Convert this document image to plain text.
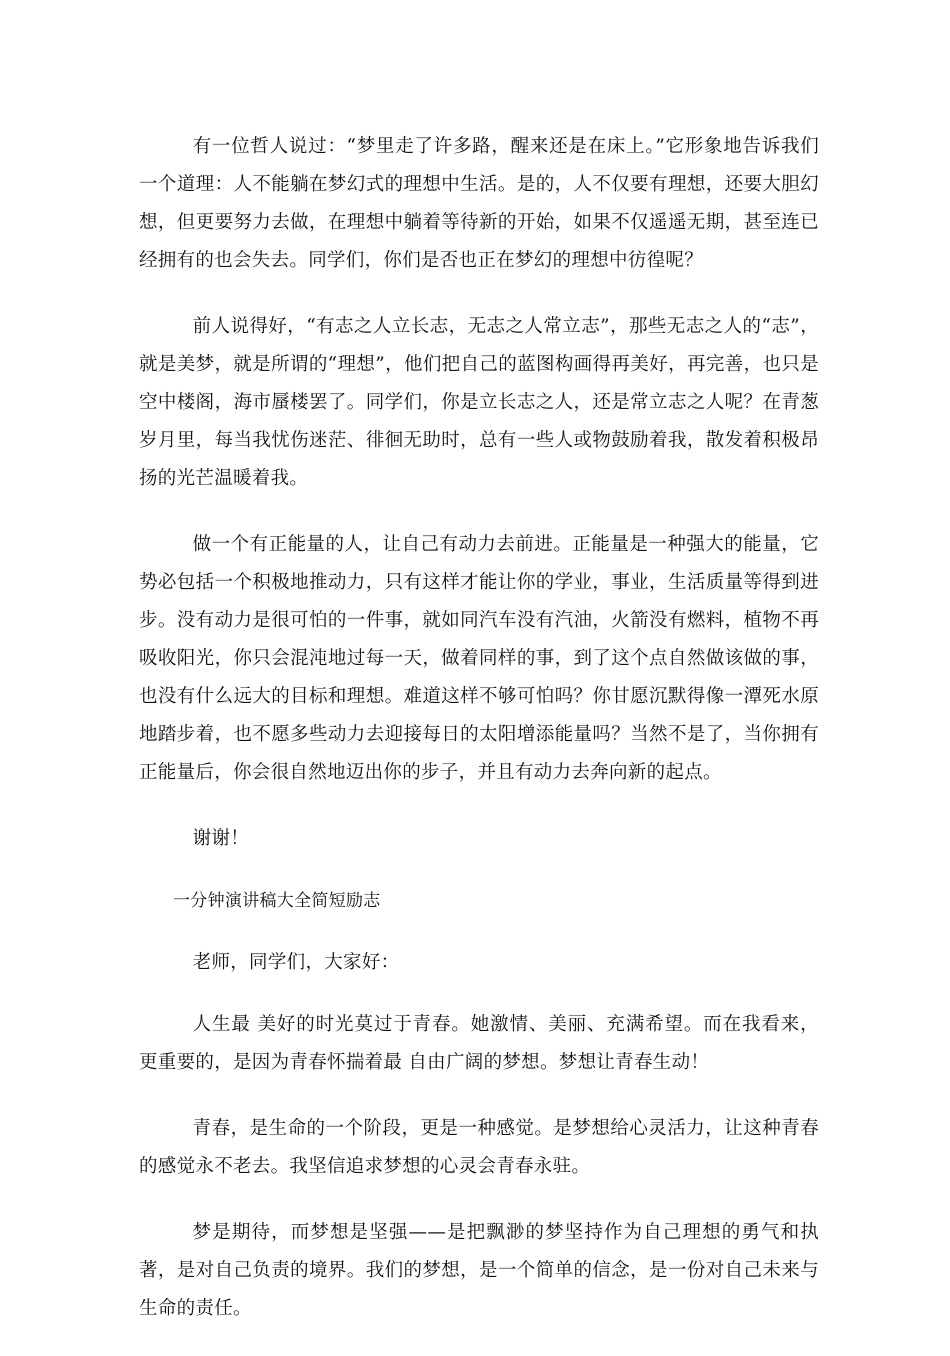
有一位哲人说过：“梦里走了许多路，醒来还是在床上。”它形象地告诉我们一个道理：人不能躺在梦幻式的理想中生活。是的，人不仅要有理想，还要大胆幻想，但更要努力去做，在理想中躺着等待新的开始，如果不仅遥遥无期，甚至连已经拥有的也会失去。同学们，你们是否也正在梦幻的理想中彷徨呢？

前人说得好，“有志之人立长志，无志之人常立志”，那些无志之人的“志”，就是美梦，就是所谓的“理想”，他们把自己的蓝图构画得再美好，再完善，也只是空中楼阁，海市蜃楼罢了。同学们，你是立长志之人，还是常立志之人呢？在青葱岁月里，每当我忧伤迷茫、徘徊无助时，总有一些人或物鼓励着我，散发着积极昂扬的光芒温暖着我。

做一个有正能量的人，让自己有动力去前进。正能量是一种强大的能量，它势必包括一个积极地推动力，只有这样才能让你的学业，事业，生活质量等得到进步。没有动力是很可怕的一件事，就如同汽车没有汽油，火箭没有燃料，植物不再吸收阳光，你只会混沌地过每一天，做着同样的事，到了这个点自然做该做的事，也没有什么远大的目标和理想。难道这样不够可怕吗？你甘愿沉默得像一潭死水原地踏步着，也不愿多些动力去迎接每日的太阳增添能量吗？当然不是了，当你拥有正能量后，你会很自然地迈出你的步子，并且有动力去奔向新的起点。

谢谢！

一分钟演讲稿大全简短励志

老师，同学们，大家好：

人生最 美好的时光莫过于青春。她激情、美丽、充满希望。而在我看来，更重要的，是因为青春怀揣着最 自由广阔的梦想。梦想让青春生动！

青春，是生命的一个阶段，更是一种感觉。是梦想给心灵活力，让这种青春的感觉永不老去。我坚信追求梦想的心灵会青春永驻。

梦是期待，而梦想是坚强——是把飘渺的梦坚持作为自己理想的勇气和执著，是对自己负责的境界。我们的梦想，是一个简单的信念，是一份对自己未来与生命的责任。
